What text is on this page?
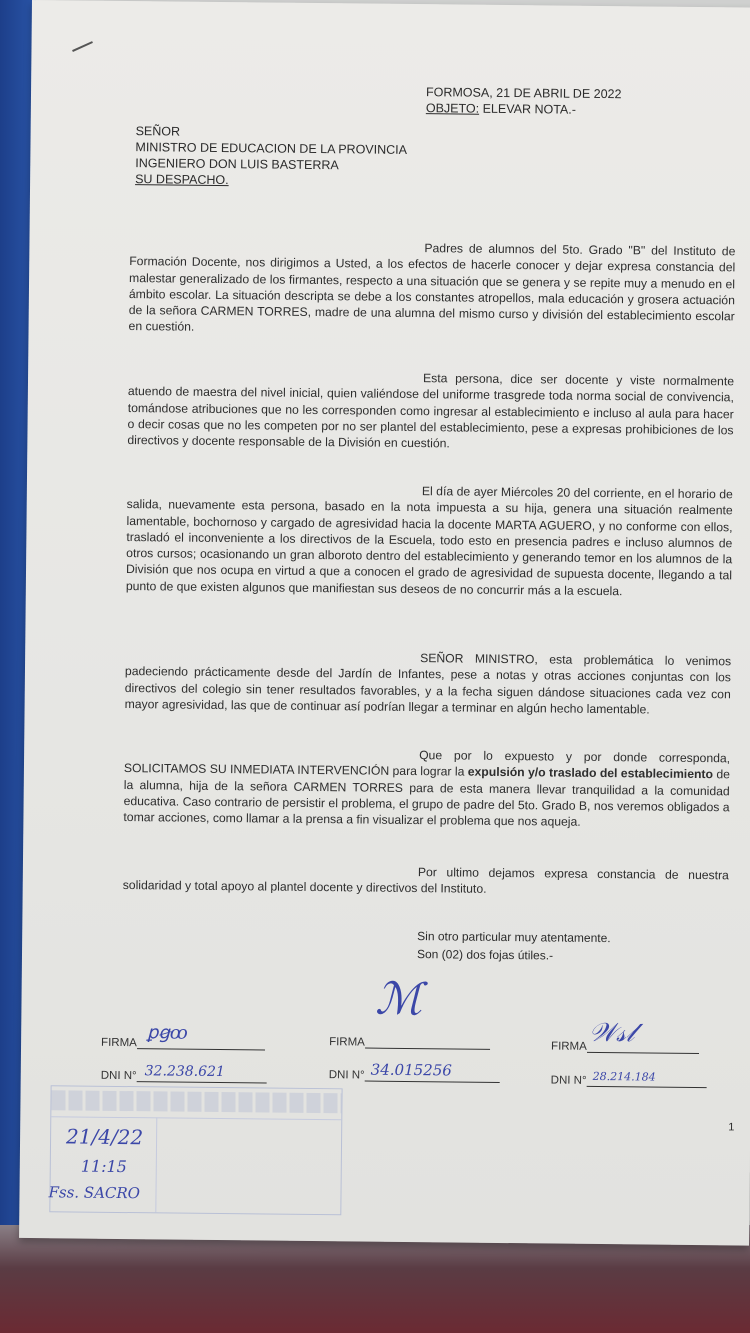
FORMOSA, 21 DE ABRIL DE 2022
OBJETO: ELEVAR NOTA.-
SEÑOR
MINISTRO DE EDUCACION DE LA PROVINCIA
INGENIERO DON LUIS BASTERRA
SU DESPACHO.
Padres de alumnos del 5to. Grado "B" del Instituto de Formación Docente, nos dirigimos a Usted, a los efectos de hacerle conocer y dejar expresa constancia del malestar generalizado de los firmantes, respecto a una situación que se genera y se repite muy a menudo en el ámbito escolar. La situación descripta se debe a los constantes atropellos, mala educación y grosera actuación de la señora CARMEN TORRES, madre de una alumna del mismo curso y división del establecimiento escolar en cuestión.
Esta persona, dice ser docente y viste normalmente atuendo de maestra del nivel inicial, quien valiéndose del uniforme trasgrede toda norma social de convivencia, tomándose atribuciones que no les corresponden como ingresar al establecimiento e incluso al aula para hacer o decir cosas que no les competen por no ser plantel del establecimiento, pese a expresas prohibiciones de los directivos y docente responsable de la División en cuestión.
El día de ayer Miércoles 20 del corriente, en el horario de salida, nuevamente esta persona, basado en la nota impuesta a su hija, genera una situación realmente lamentable, bochornoso y cargado de agresividad hacia la docente MARTA AGUERO, y no conforme con ellos, trasladó el inconveniente a los directivos de la Escuela, todo esto en presencia padres e incluso alumnos de otros cursos; ocasionando un gran alboroto dentro del establecimiento y generando temor en los alumnos de la División que nos ocupa en virtud a que a conocen el grado de agresividad de supuesta docente, llegando a tal punto de que existen algunos que manifiestan sus deseos de no concurrir más a la escuela.
SEÑOR MINISTRO, esta problemática lo venimos padeciendo prácticamente desde del Jardín de Infantes, pese a notas y otras acciones conjuntas con los directivos del colegio sin tener resultados favorables, y a la fecha siguen dándose situaciones cada vez con mayor agresividad, las que de continuar así podrían llegar a terminar en algún hecho lamentable.
Que por lo expuesto y por donde corresponda, SOLICITAMOS SU INMEDIATA INTERVENCIÓN para lograr la expulsión y/o traslado del establecimiento de la alumna, hija de la señora CARMEN TORRES para de esta manera llevar tranquilidad a la comunidad educativa. Caso contrario de persistir el problema, el grupo de padre del 5to. Grado B, nos veremos obligados a tomar acciones, como llamar a la prensa a fin visualizar el problema que nos aqueja.
Por ultimo dejamos expresa constancia de nuestra solidaridad y total apoyo al plantel docente y directivos del Instituto.
Sin otro particular muy atentamente.
Son (02) dos fojas útiles.-
FIRMA ꝑꞡꝏ
DNI N° 32.238.621
FIRMA
ℳ
DNI N° 34.015256
FIRMA 𝒲𝓈𝓁
DNI N° 28.214.184
1
21/4/22
11:15
Fss. SACRO
